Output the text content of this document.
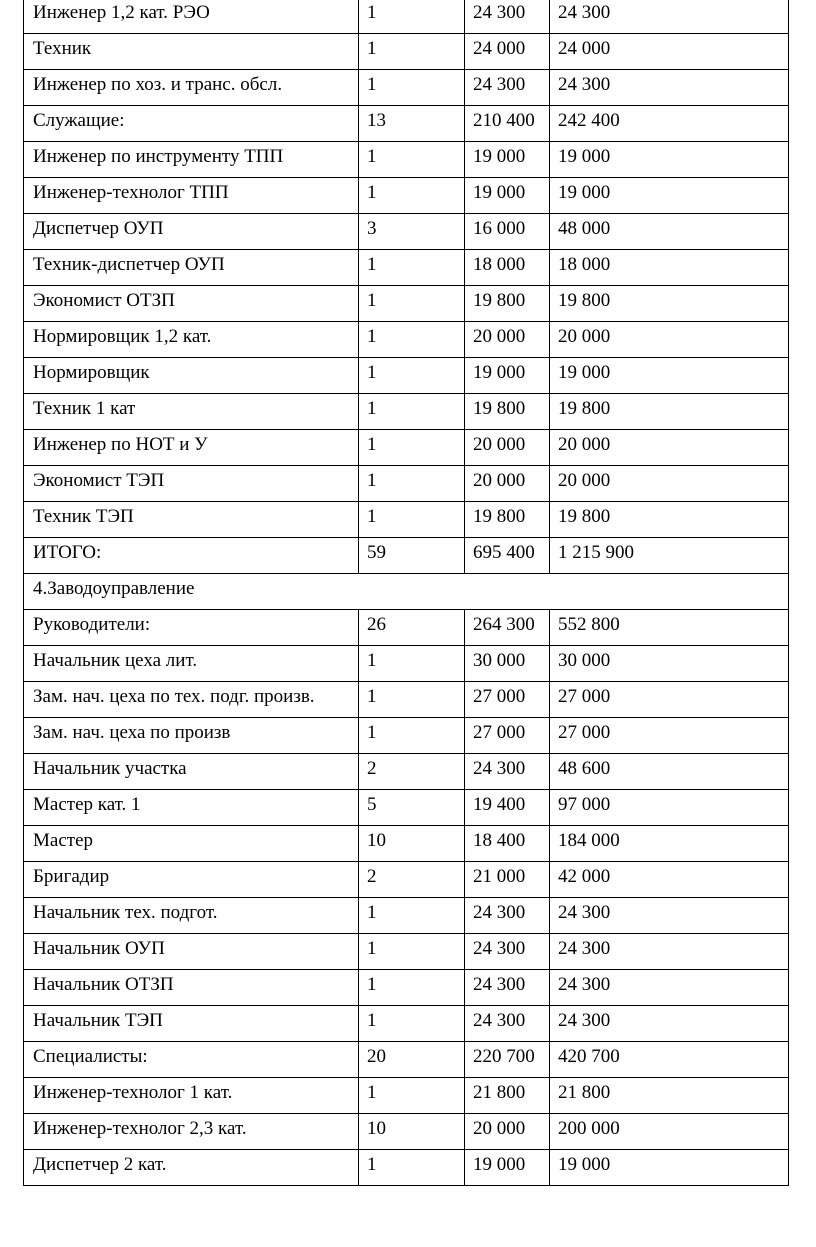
Инженер 1,2 кат. РЭО	1	24 300	24 300
Техник	1	24 000	24 000
Инженер по хоз. и транс. обсл.	1	24 300	24 300
Служащие:	13	210 400	242 400
Инженер по инструменту ТПП	1	19 000	19 000
Инженер-технолог ТПП	1	19 000	19 000
Диспетчер ОУП	3	16 000	48 000
Техник-диспетчер ОУП	1	18 000	18 000
Экономист ОТЗП	1	19 800	19 800
Нормировщик 1,2 кат.	1	20 000	20 000
Нормировщик	1	19 000	19 000
Техник 1 кат	1	19 800	19 800
Инженер по НОТ и У	1	20 000	20 000
Экономист ТЭП	1	20 000	20 000
Техник ТЭП	1	19 800	19 800
ИТОГО:	59	695 400	1 215 900
4.Заводоуправление			
Руководители:	26	264 300	552 800
Начальник цеха лит.	1	30 000	30 000
Зам. нач. цеха по тех. подг. произв.	1	27 000	27 000
Зам. нач. цеха по произв	1	27 000	27 000
Начальник участка	2	24 300	48 600
Мастер кат. 1	5	19 400	97 000
Мастер	10	18 400	184 000
Бригадир	2	21 000	42 000
Начальник тех. подгот.	1	24 300	24 300
Начальник ОУП	1	24 300	24 300
Начальник ОТЗП	1	24 300	24 300
Начальник ТЭП	1	24 300	24 300
Специалисты:	20	220 700	420 700
Инженер-технолог 1 кат.	1	21 800	21 800
Инженер-технолог 2,3 кат.	10	20 000	200 000
Диспетчер 2 кат.	1	19 000	19 000
